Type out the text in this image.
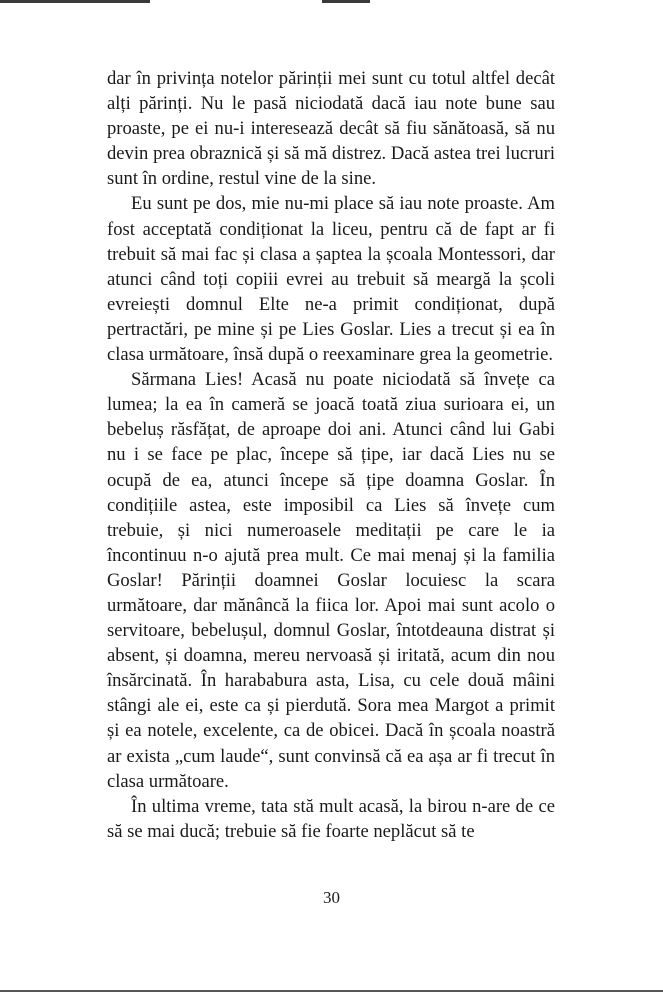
dar în privința notelor părinții mei sunt cu totul altfel decât alți părinți. Nu le pasă niciodată dacă iau note bune sau proaste, pe ei nu-i interesează decât să fiu sănătoasă, să nu devin prea obraznică și să mă distrez. Dacă astea trei lucruri sunt în ordine, restul vine de la sine.

Eu sunt pe dos, mie nu-mi place să iau note proaste. Am fost acceptată condiționat la liceu, pentru că de fapt ar fi trebuit să mai fac și clasa a șaptea la școala Montessori, dar atunci când toți copiii evrei au trebuit să meargă la școli evreiești domnul Elte ne-a primit condiționat, după pertractări, pe mine și pe Lies Goslar. Lies a trecut și ea în clasa următoare, însă după o reexaminare grea la geometrie.

Sărmana Lies! Acasă nu poate niciodată să învețe ca lumea; la ea în cameră se joacă toată ziua surioara ei, un bebeluș răsfățat, de aproape doi ani. Atunci când lui Gabi nu i se face pe plac, începe să țipe, iar dacă Lies nu se ocupă de ea, atunci începe să țipe doamna Goslar. În condițiile astea, este imposibil ca Lies să învețe cum trebuie, și nici numeroasele meditații pe care le ia încontinuu n-o ajută prea mult. Ce mai menaj și la familia Goslar! Părinții doamnei Goslar locuiesc la scara următoare, dar mănâncă la fiica lor. Apoi mai sunt acolo o servitoare, bebelușul, domnul Goslar, întotdeauna distrat și absent, și doamna, mereu nervoasă și iritată, acum din nou însărcinată. În harababura asta, Lisa, cu cele două mâini stângi ale ei, este ca și pierdută. Sora mea Margot a primit și ea notele, excelente, ca de obicei. Dacă în școala noastră ar exista „cum laude“, sunt convinsă că ea așa ar fi trecut în clasa următoare.

În ultima vreme, tata stă mult acasă, la birou n-are de ce să se mai ducă; trebuie să fie foarte neplăcut să te

30
